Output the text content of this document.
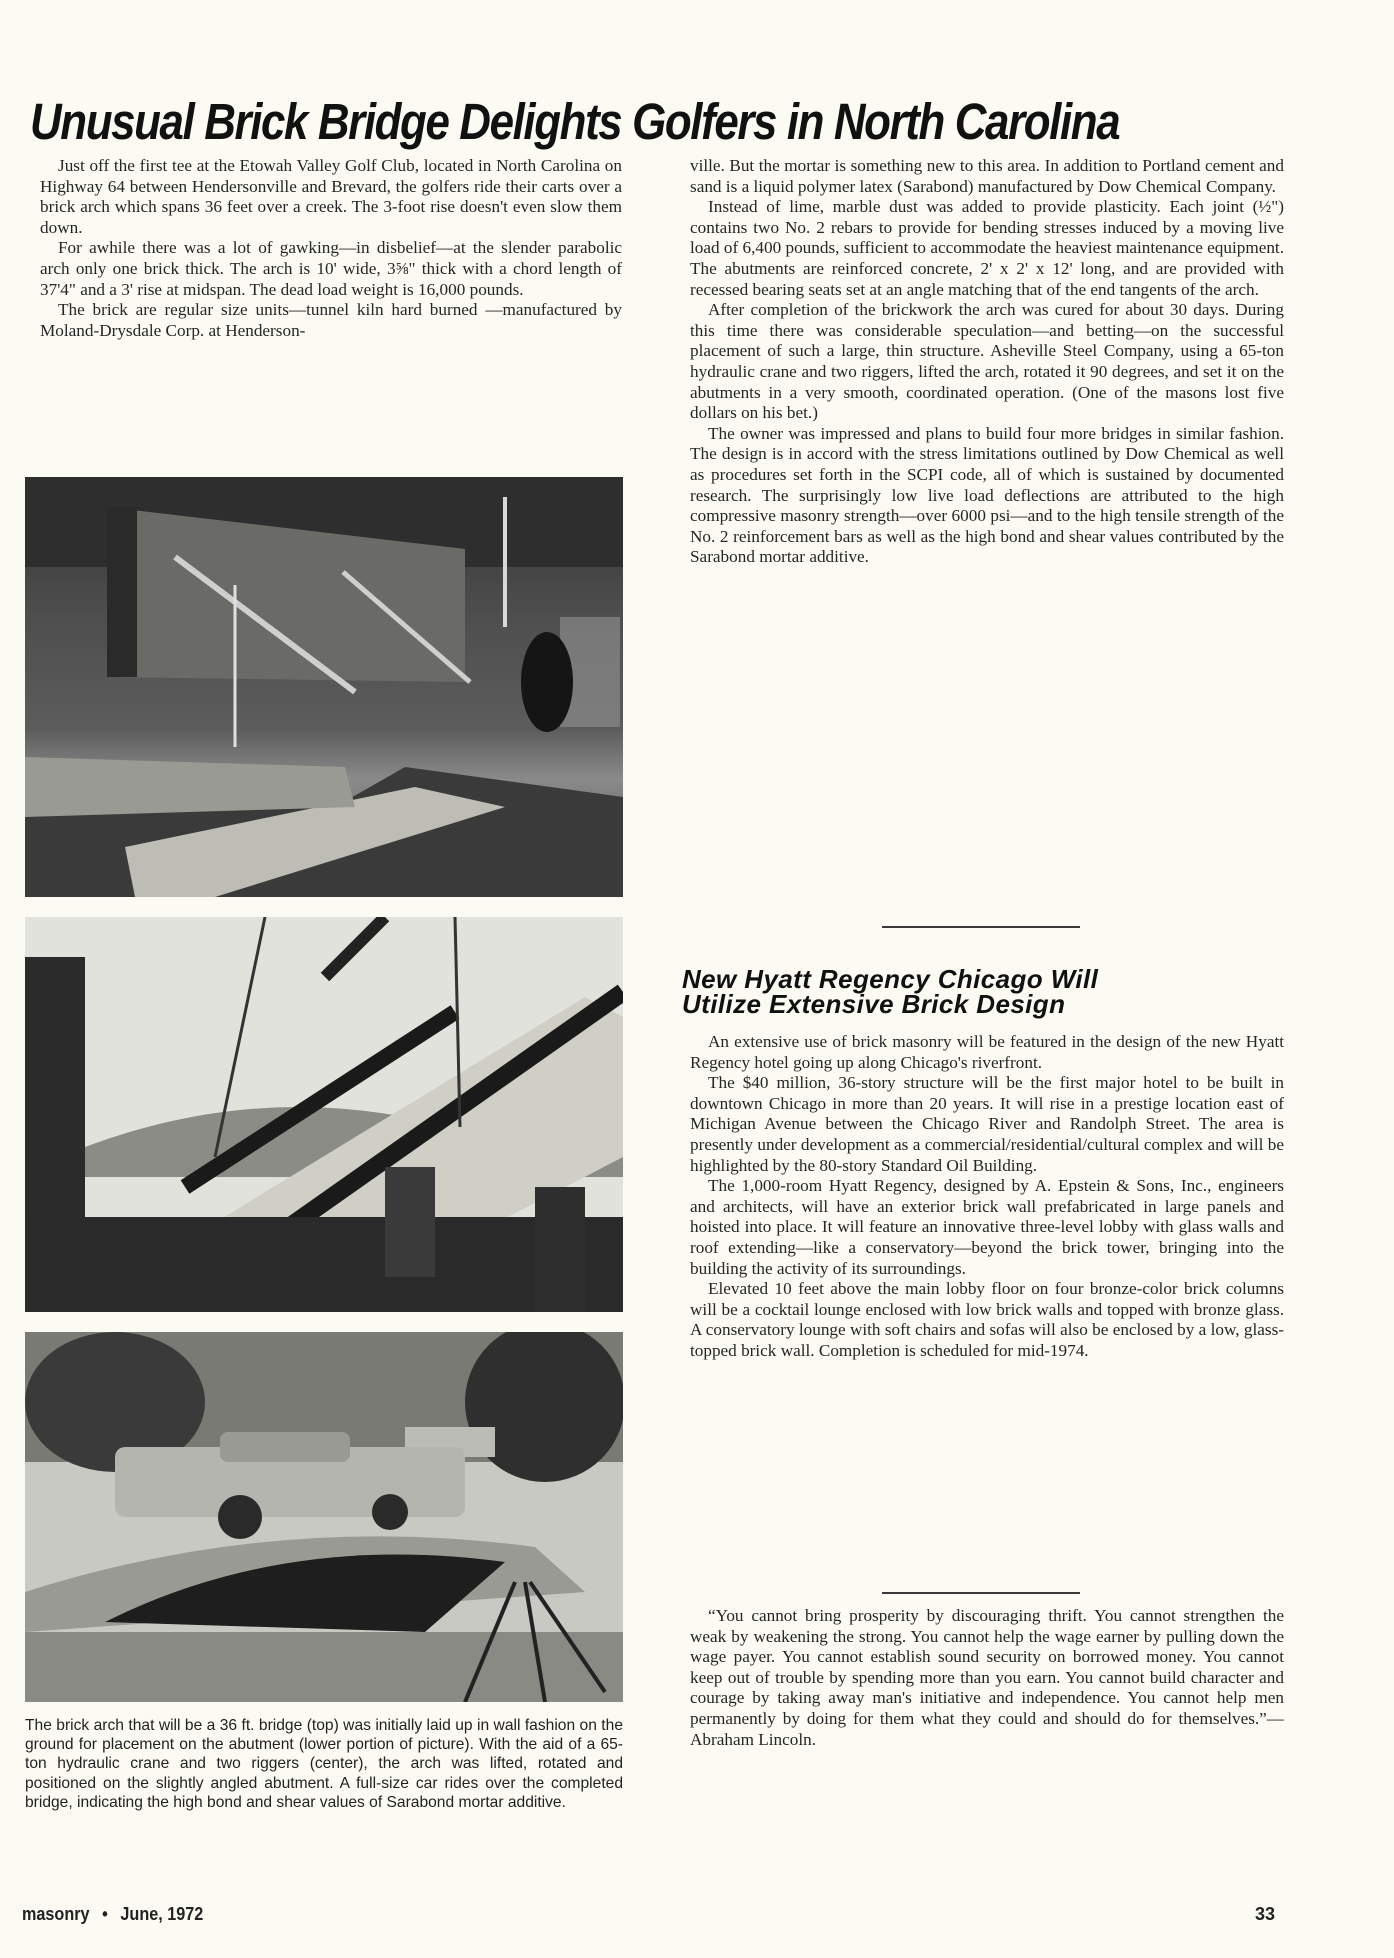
Unusual Brick Bridge Delights Golfers in North Carolina

Just off the first tee at the Etowah Valley Golf Club, located in North Carolina on Highway 64 between Hendersonville and Brevard, the golfers ride their carts over a brick arch which spans 36 feet over a creek. The 3-foot rise doesn't even slow them down.

For awhile there was a lot of gawking—in disbelief—at the slender parabolic arch only one brick thick. The arch is 10' wide, 3⅝" thick with a chord length of 37'4" and a 3' rise at midspan. The dead load weight is 16,000 pounds.

The brick are regular size units—tunnel kiln hard burned —manufactured by Moland-Drysdale Corp. at Henderson-

The brick arch that will be a 36 ft. bridge (top) was initially laid up in wall fashion on the ground for placement on the abutment (lower portion of picture). With the aid of a 65-ton hydraulic crane and two riggers (center), the arch was lifted, rotated and positioned on the slightly angled abutment. A full-size car rides over the completed bridge, indicating the high bond and shear values of Sarabond mortar additive.

ville. But the mortar is something new to this area. In addition to Portland cement and sand is a liquid polymer latex (Sarabond) manufactured by Dow Chemical Company.

Instead of lime, marble dust was added to provide plasticity. Each joint (½") contains two No. 2 rebars to provide for bending stresses induced by a moving live load of 6,400 pounds, sufficient to accommodate the heaviest maintenance equipment. The abutments are reinforced concrete, 2' x 2' x 12' long, and are provided with recessed bearing seats set at an angle matching that of the end tangents of the arch.

After completion of the brickwork the arch was cured for about 30 days. During this time there was considerable speculation—and betting—on the successful placement of such a large, thin structure. Asheville Steel Company, using a 65-ton hydraulic crane and two riggers, lifted the arch, rotated it 90 degrees, and set it on the abutments in a very smooth, coordinated operation. (One of the masons lost five dollars on his bet.)

The owner was impressed and plans to build four more bridges in similar fashion. The design is in accord with the stress limitations outlined by Dow Chemical as well as procedures set forth in the SCPI code, all of which is sustained by documented research. The surprisingly low live load deflections are attributed to the high compressive masonry strength—over 6000 psi—and to the high tensile strength of the No. 2 reinforcement bars as well as the high bond and shear values contributed by the Sarabond mortar additive.

New Hyatt Regency Chicago Will
Utilize Extensive Brick Design

An extensive use of brick masonry will be featured in the design of the new Hyatt Regency hotel going up along Chicago's riverfront.

The $40 million, 36-story structure will be the first major hotel to be built in downtown Chicago in more than 20 years. It will rise in a prestige location east of Michigan Avenue between the Chicago River and Randolph Street. The area is presently under development as a commercial/residential/cultural complex and will be highlighted by the 80-story Standard Oil Building.

The 1,000-room Hyatt Regency, designed by A. Epstein & Sons, Inc., engineers and architects, will have an exterior brick wall prefabricated in large panels and hoisted into place. It will feature an innovative three-level lobby with glass walls and roof extending—like a conservatory—beyond the brick tower, bringing into the building the activity of its surroundings.

Elevated 10 feet above the main lobby floor on four bronze-color brick columns will be a cocktail lounge enclosed with low brick walls and topped with bronze glass. A conservatory lounge with soft chairs and sofas will also be enclosed by a low, glass-topped brick wall. Completion is scheduled for mid-1974.

“You cannot bring prosperity by discouraging thrift. You cannot strengthen the weak by weakening the strong. You cannot help the wage earner by pulling down the wage payer. You cannot establish sound security on borrowed money. You cannot keep out of trouble by spending more than you earn. You cannot build character and courage by taking away man's initiative and independence. You cannot help men permanently by doing for them what they could and should do for themselves.”—Abraham Lincoln.

masonry • June, 1972	33
